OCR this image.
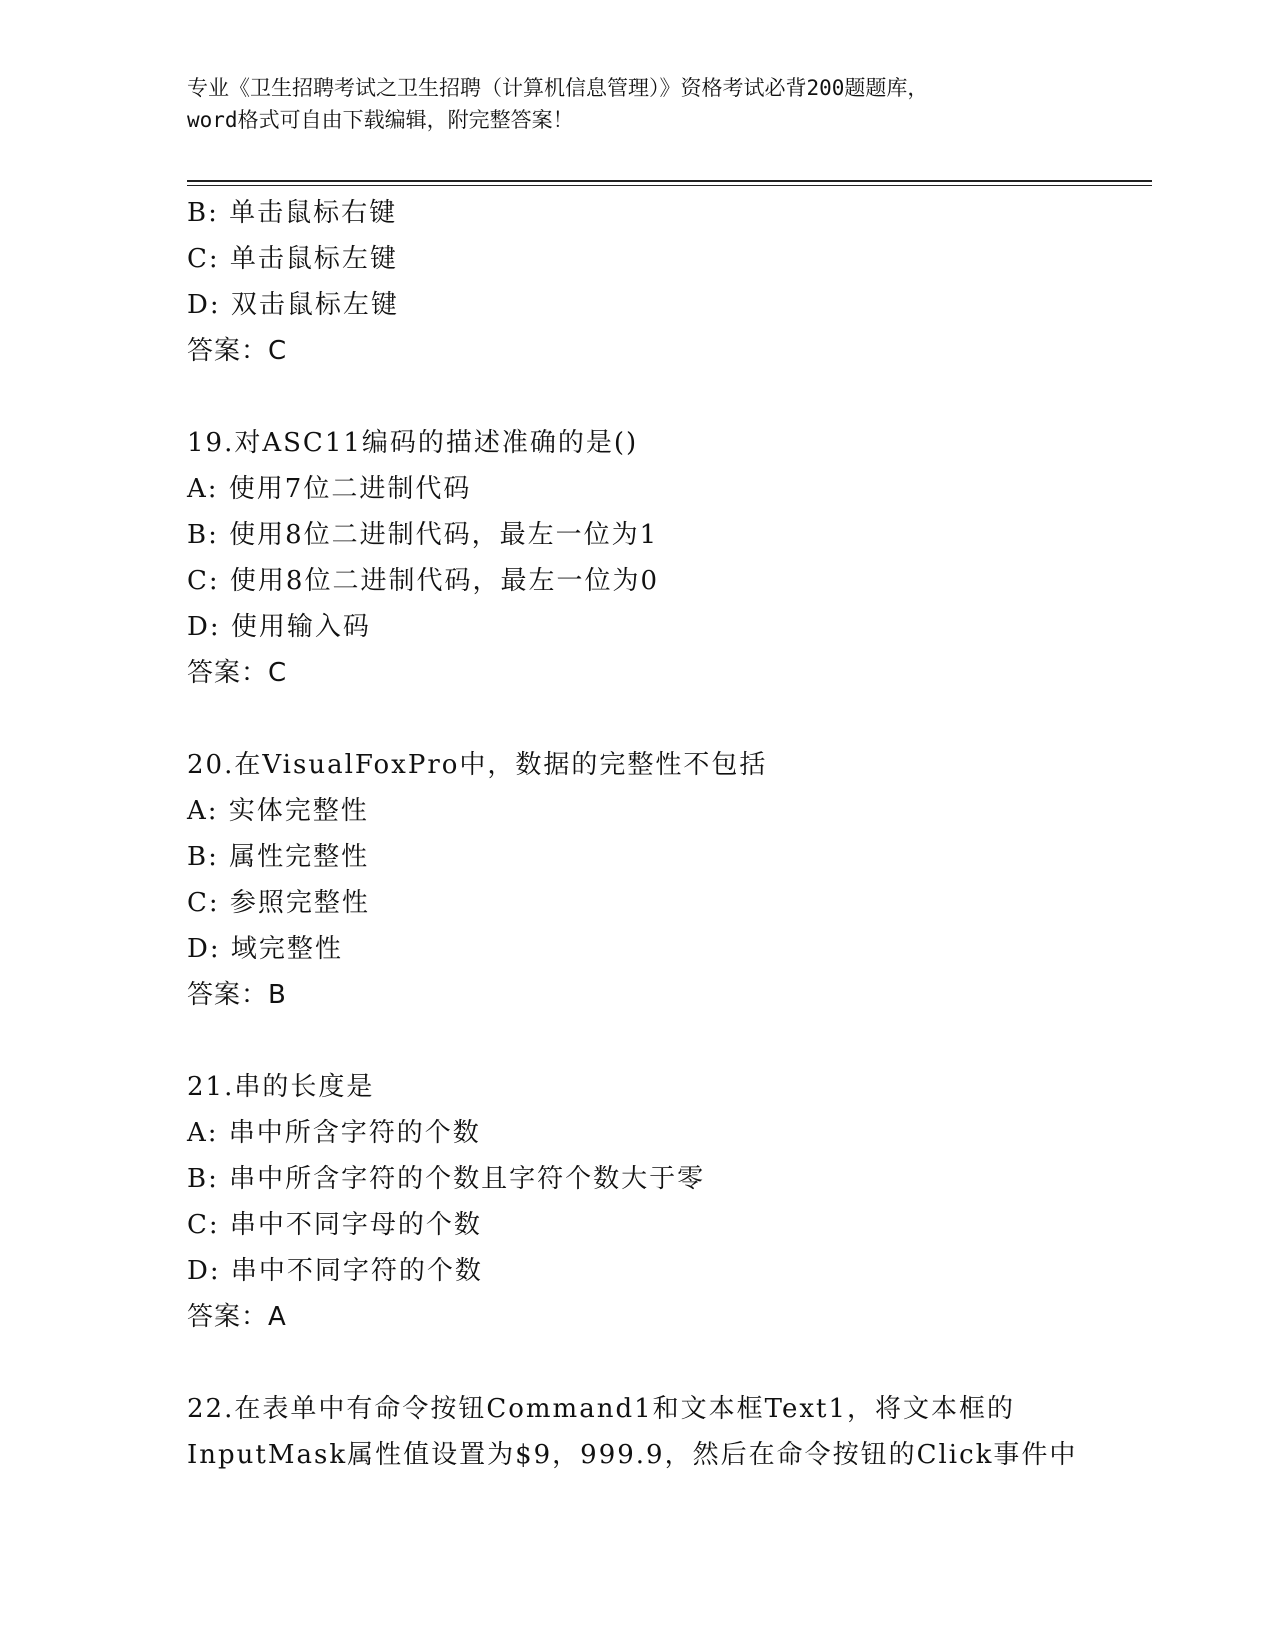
专业《卫生招聘考试之卫生招聘（计算机信息管理）》资格考试必背200题题库，
word格式可自由下载编辑，附完整答案！
B: 单击鼠标右键
C: 单击鼠标左键
D: 双击鼠标左键
答案：C
19.对ASC11编码的描述准确的是()
A: 使用7位二进制代码
B: 使用8位二进制代码，最左一位为1
C: 使用8位二进制代码，最左一位为0
D: 使用输入码
答案：C
20.在VisualFoxPro中，数据的完整性不包括
A: 实体完整性
B: 属性完整性
C: 参照完整性
D: 域完整性
答案：B
21.串的长度是
A: 串中所含字符的个数
B: 串中所含字符的个数且字符个数大于零
C: 串中不同字母的个数
D: 串中不同字符的个数
答案：A
22.在表单中有命令按钮Command1和文本框Text1，将文本框的
InputMask属性值设置为$9，999.9，然后在命令按钮的Click事件中
